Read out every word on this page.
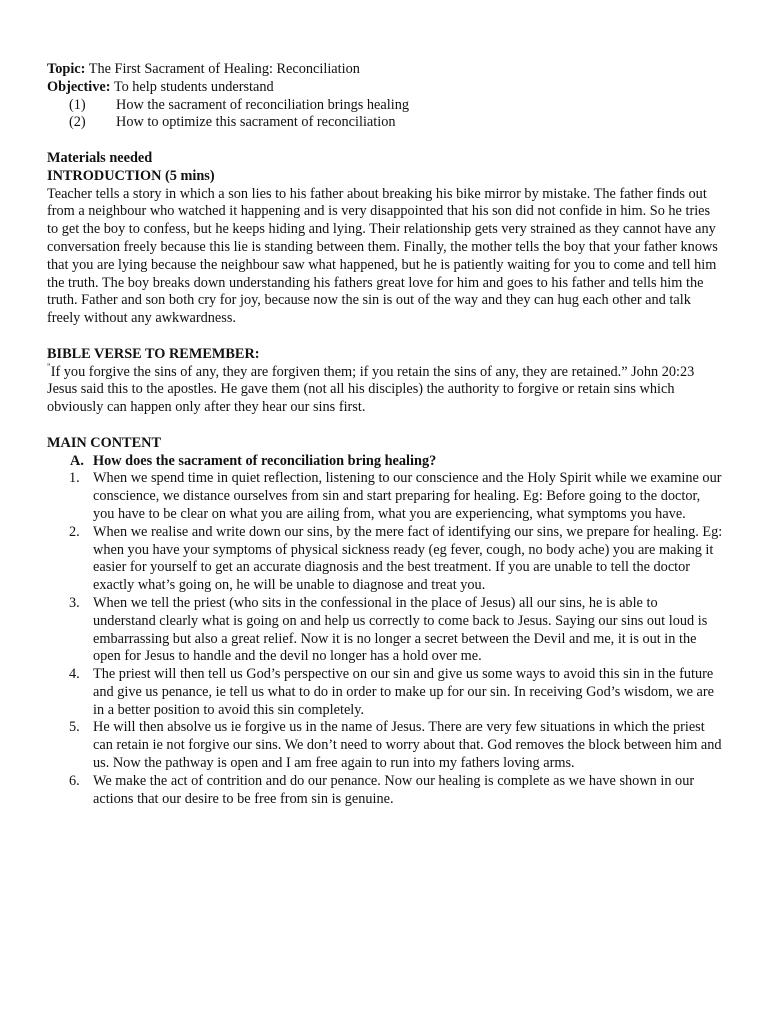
Topic: The First Sacrament of Healing: Reconciliation

Objective: To help students understand

(1)	How the sacrament of reconciliation brings healing
(2)	How to optimize this sacrament of reconciliation

Materials needed

INTRODUCTION (5 mins)

Teacher tells a story in which a son lies to his father about breaking his bike mirror by mistake. The father finds out from a neighbour who watched it happening and is very disappointed that his son did not confide in him. So he tries to get the boy to confess, but he keeps hiding and lying. Their relationship gets very strained as they cannot have any conversation freely because this lie is standing between them. Finally, the mother tells the boy that your father knows that you are lying because the neighbour saw what happened, but he is patiently waiting for you to come and tell him the truth. The boy breaks down understanding his fathers great love for him and goes to his father and tells him the truth. Father and son both cry for joy, because now the sin is out of the way and they can hug each other and talk freely without any awkwardness.

BIBLE VERSE TO REMEMBER:

"If you forgive the sins of any, they are forgiven them; if you retain the sins of any, they are retained.” John 20:23

Jesus said this to the apostles. He gave them (not all his disciples) the authority to forgive or retain sins which obviously can happen only after they hear our sins first.

MAIN CONTENT

A. How does the sacrament of reconciliation bring healing?
1. When we spend time in quiet reflection, listening to our conscience and the Holy Spirit while we examine our conscience, we distance ourselves from sin and start preparing for healing. Eg: Before going to the doctor, you have to be clear on what you are ailing from, what you are experiencing, what symptoms you have.
2. When we realise and write down our sins, by the mere fact of identifying our sins, we prepare for healing. Eg: when you have your symptoms of physical sickness ready (eg fever, cough, no body ache) you are making it easier for yourself to get an accurate diagnosis and the best treatment. If you are unable to tell the doctor exactly what’s going on, he will be unable to diagnose and treat you.
3. When we tell the priest (who sits in the confessional in the place of Jesus) all our sins, he is able to understand clearly what is going on and help us correctly to come back to Jesus. Saying our sins out loud is embarrassing but also a great relief. Now it is no longer a secret between the Devil and me, it is out in the open for Jesus to handle and the devil no longer has a hold over me.
4. The priest will then tell us God’s perspective on our sin and give us some ways to avoid this sin in the future and give us penance, ie tell us what to do in order to make up for our sin. In receiving God’s wisdom, we are in a better position to avoid this sin completely.
5. He will then absolve us ie forgive us in the name of Jesus. There are very few situations in which the priest can retain ie not forgive our sins. We don’t need to worry about that. God removes the block between him and us. Now the pathway is open and I am free again to run into my fathers loving arms.
6. We make the act of contrition and do our penance. Now our healing is complete as we have shown in our actions that our desire to be free from sin is genuine.
